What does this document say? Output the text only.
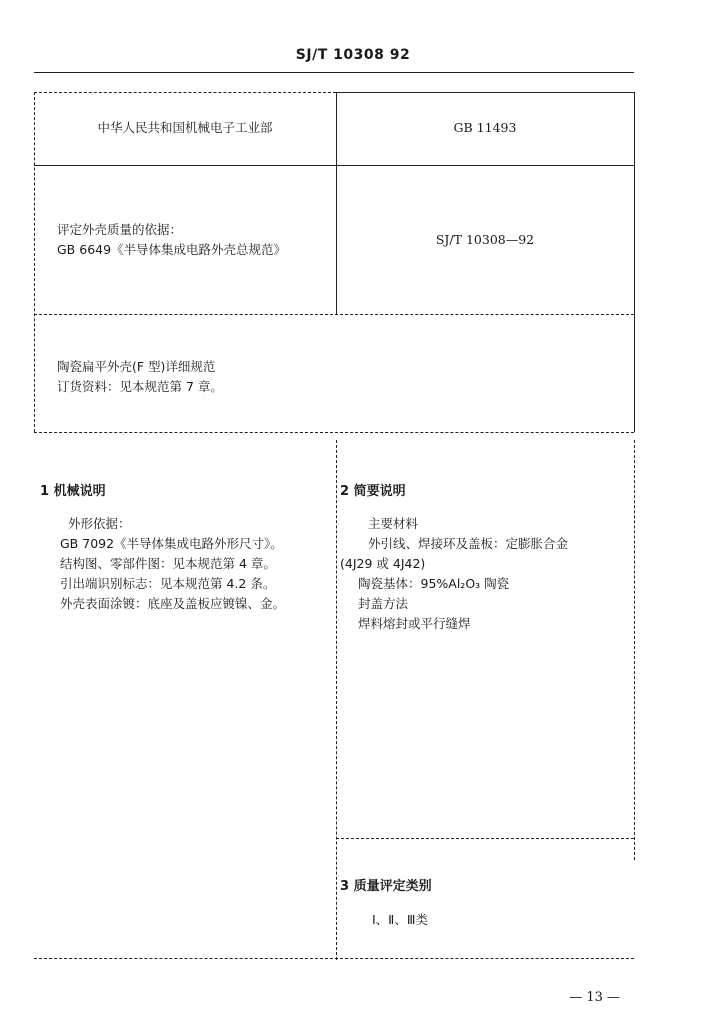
SJ/T 10308 92
中华人民共和国机械电子工业部	GB 11493
评定外壳质量的依据：
GB 6649《半导体集成电路外壳总规范》
SJ/T 10308—92
陶瓷扁平外壳(F 型)详细规范
订货资料：见本规范第 7 章。
1 机械说明
外形依据：
GB 7092《半导体集成电路外形尺寸》。
结构图、零部件图：见本规范第 4 章。
引出端识别标志：见本规范第 4.2 条。
外壳表面涂镀：底座及盖板应镀镍、金。
2 简要说明
主要材料
外引线、焊接环及盖板：定膨胀合金
(4J29 或 4J42)
陶瓷基体：95%Al₂O₃ 陶瓷
封盖方法
焊料熔封或平行缝焊
3 质量评定类别
Ⅰ、Ⅱ、Ⅲ类
— 13 —
